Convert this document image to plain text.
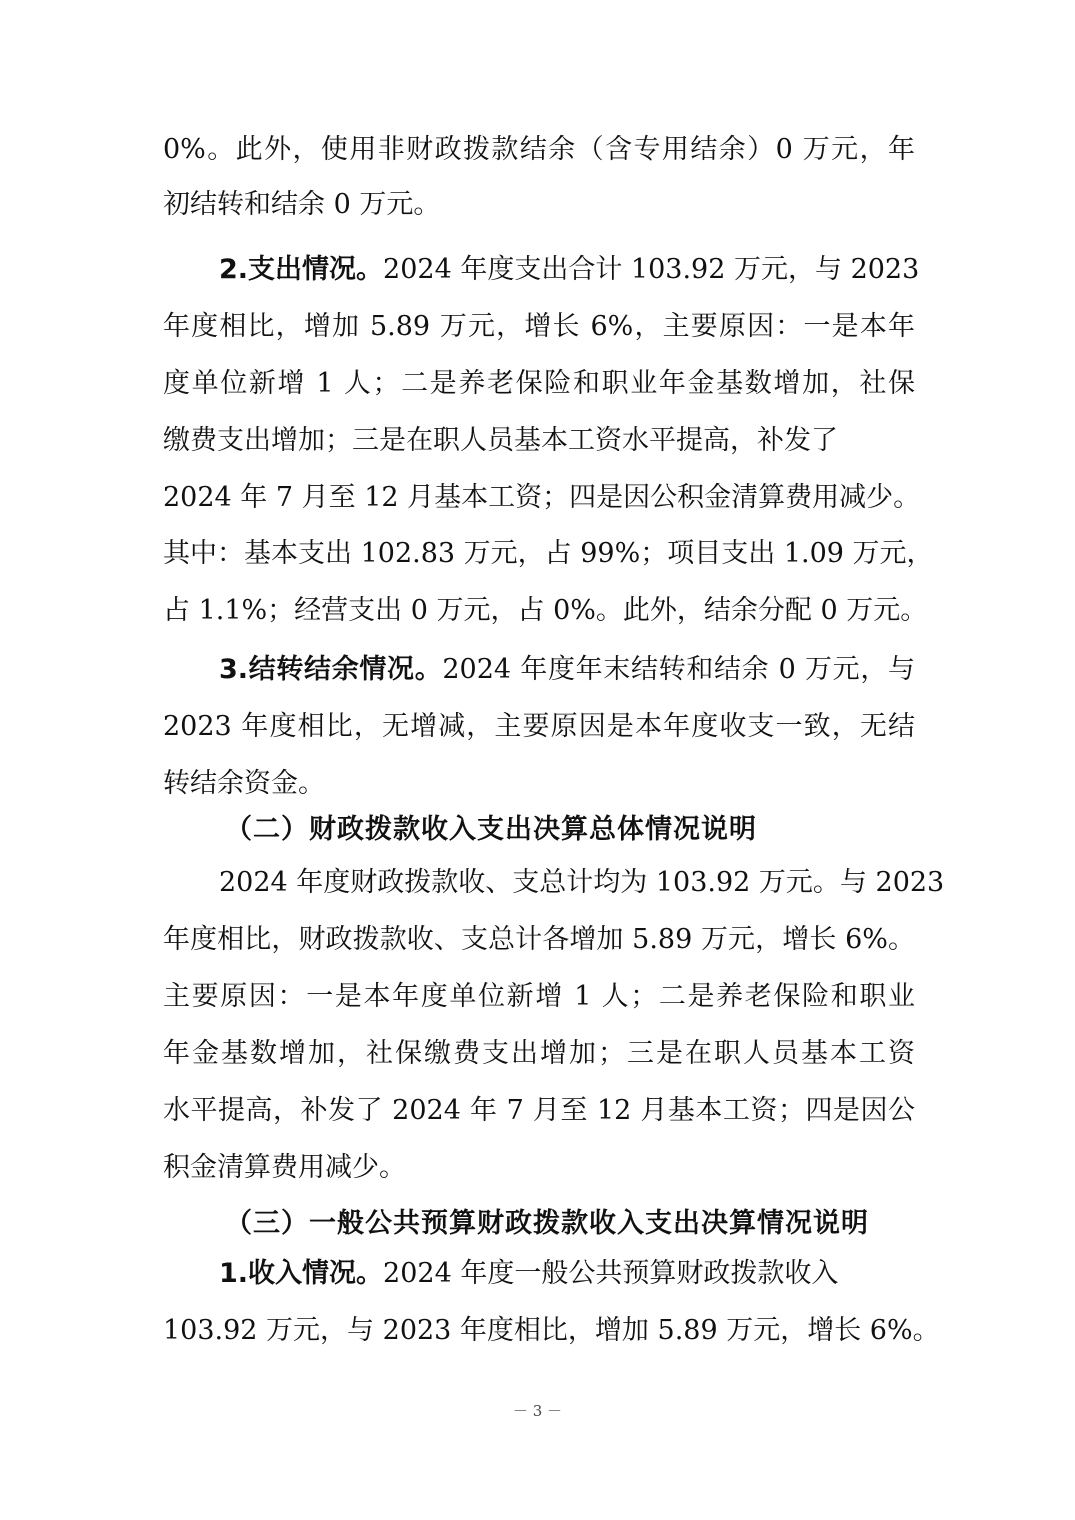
0%。此外，使用非财政拨款结余（含专用结余）0 万元，年
初结转和结余 0 万元。
2.支出情况。2024 年度支出合计 103.92 万元，与 2023
年度相比，增加 5.89 万元，增长 6%，主要原因：一是本年
度单位新增 1 人；二是养老保险和职业年金基数增加，社保
缴费支出增加；三是在职人员基本工资水平提高，补发了
2024 年 7 月至 12 月基本工资；四是因公积金清算费用减少。
其中：基本支出 102.83 万元，占 99%；项目支出 1.09 万元，
占 1.1%；经营支出 0 万元，占 0%。此外，结余分配 0 万元。
3.结转结余情况。2024 年度年末结转和结余 0 万元，与
2023 年度相比，无增减，主要原因是本年度收支一致，无结
转结余资金。
（二）财政拨款收入支出决算总体情况说明
2024 年度财政拨款收、支总计均为 103.92 万元。与 2023
年度相比，财政拨款收、支总计各增加 5.89 万元，增长 6%。
主要原因：一是本年度单位新增 1 人；二是养老保险和职业
年金基数增加，社保缴费支出增加；三是在职人员基本工资
水平提高，补发了 2024 年 7 月至 12 月基本工资；四是因公
积金清算费用减少。
（三）一般公共预算财政拨款收入支出决算情况说明
1.收入情况。2024 年度一般公共预算财政拨款收入
103.92 万元，与 2023 年度相比，增加 5.89 万元，增长 6%。
－ 3 －
